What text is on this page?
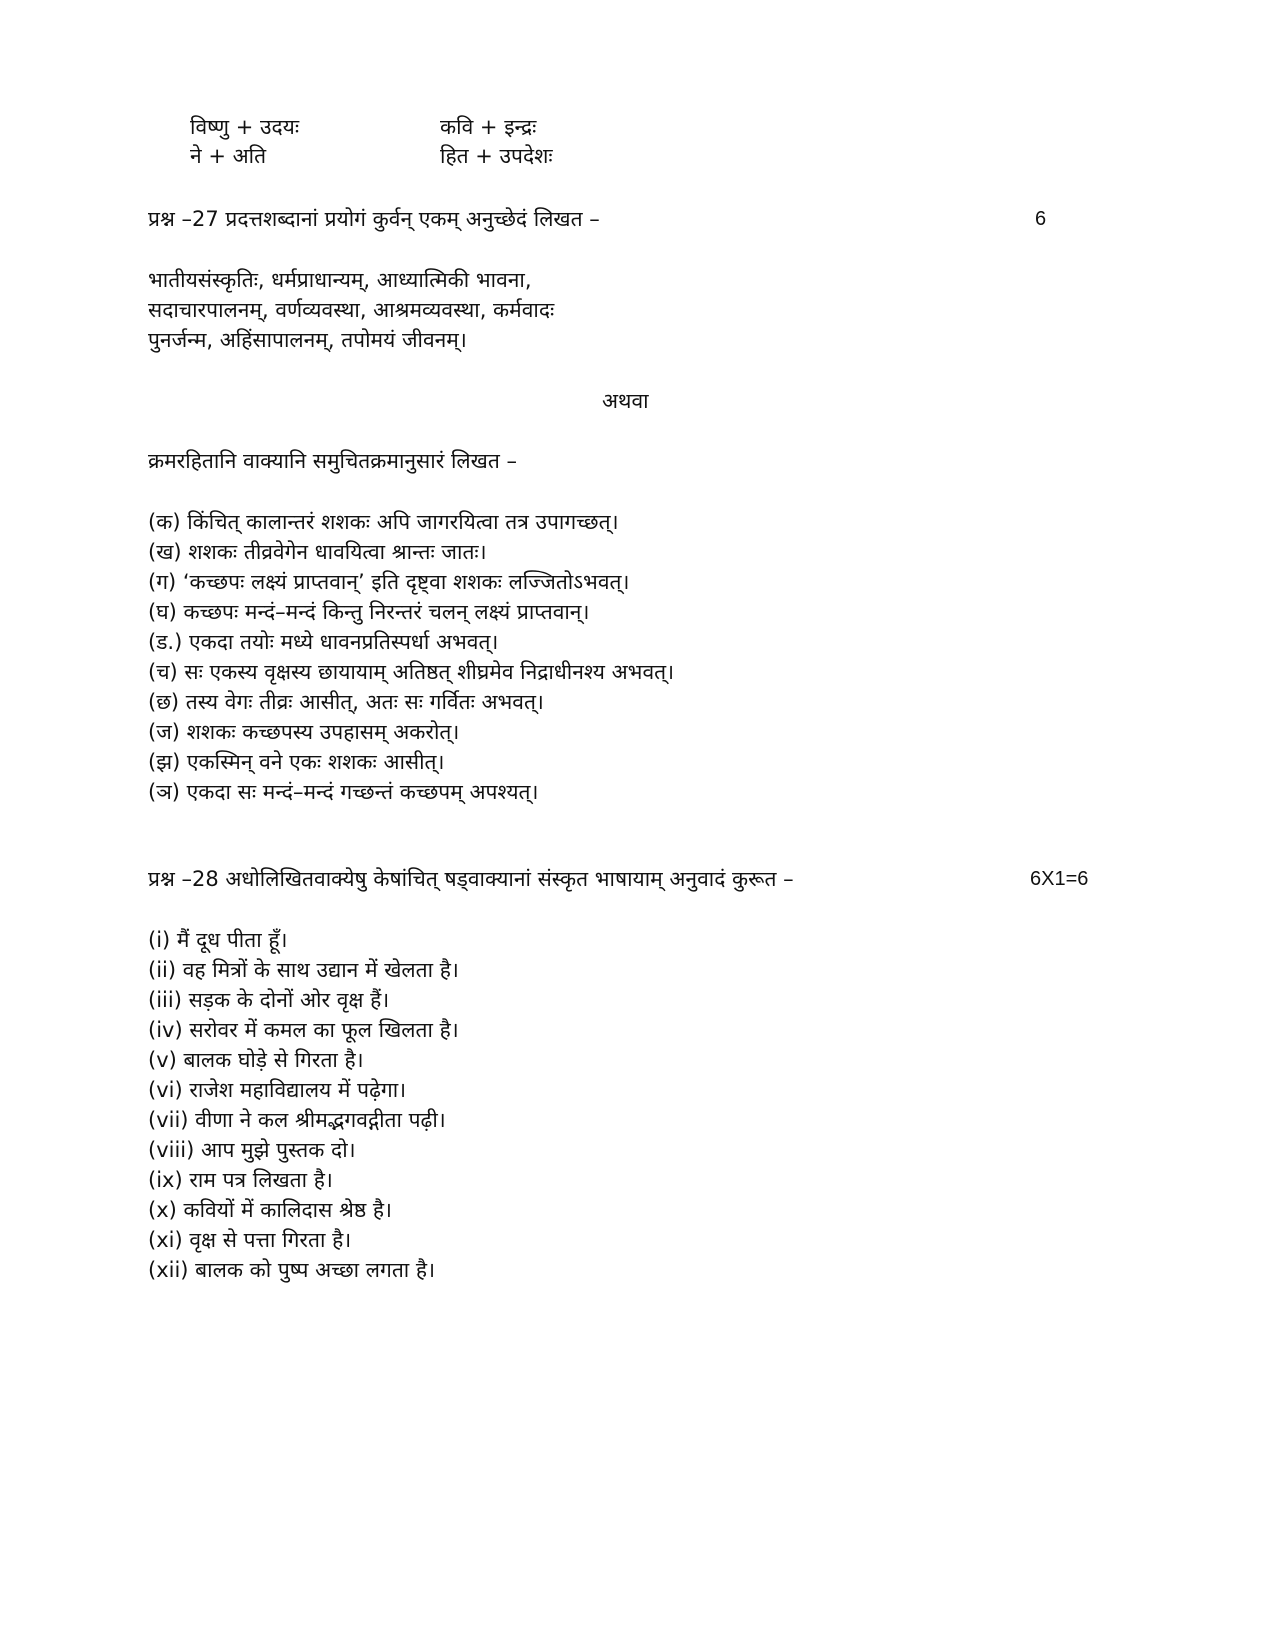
विष्णु + उदयः	कवि + इन्द्रः
ने + अति	हित + उपदेशः
प्रश्न –27 प्रदत्तशब्दानां प्रयोगं कुर्वन् एकम् अनुच्छेदं लिखत –	6
भातीयसंस्कृतिः, धर्मप्राधान्यम्, आध्यात्मिकी भावना,
सदाचारपालनम्, वर्णव्यवस्था, आश्रमव्यवस्था, कर्मवादः
पुनर्जन्म, अहिंसापालनम्, तपोमयं जीवनम्।
अथवा
क्रमरहितानि वाक्यानि समुचितक्रमानुसारं लिखत –
(क) किंचित् कालान्तरं शशकः अपि जागरयित्वा तत्र उपागच्छत्।
(ख) शशकः तीव्रवेगेन धावयित्वा श्रान्तः जातः।
(ग) ‘कच्छपः लक्ष्यं प्राप्तवान्’ इति दृष्ट्वा शशकः लज्जितोऽभवत्।
(घ) कच्छपः मन्दं–मन्दं किन्तु निरन्तरं चलन् लक्ष्यं प्राप्तवान्।
(ड.) एकदा तयोः मध्ये धावनप्रतिस्पर्धा अभवत्।
(च) सः एकस्य वृक्षस्य छायायाम् अतिष्ठत् शीघ्रमेव निद्राधीनश्य अभवत्।
(छ) तस्य वेगः तीव्रः आसीत्, अतः सः गर्वितः अभवत्।
(ज) शशकः कच्छपस्य उपहासम् अकरोत्।
(झ) एकस्मिन् वने एकः शशकः आसीत्।
(ञ) एकदा सः मन्दं–मन्दं गच्छन्तं कच्छपम् अपश्यत्।
प्रश्न –28 अधोलिखितवाक्येषु केषांचित् षड्वाक्यानां संस्कृत भाषायाम् अनुवादं कुरूत –	6X1=6
(i) मैं दूध पीता हूँ।
(ii) वह मित्रों के साथ उद्यान में खेलता है।
(iii) सड़क के दोनों ओर वृक्ष हैं।
(iv) सरोवर में कमल का फूल खिलता है।
(v) बालक घोड़े से गिरता है।
(vi) राजेश महाविद्यालय में पढ़ेगा।
(vii) वीणा ने कल श्रीमद्भगवद्गीता पढ़ी।
(viii) आप मुझे पुस्तक दो।
(ix) राम पत्र लिखता है।
(x) कवियों में कालिदास श्रेष्ठ है।
(xi) वृक्ष से पत्ता गिरता है।
(xii) बालक को पुष्प अच्छा लगता है।
